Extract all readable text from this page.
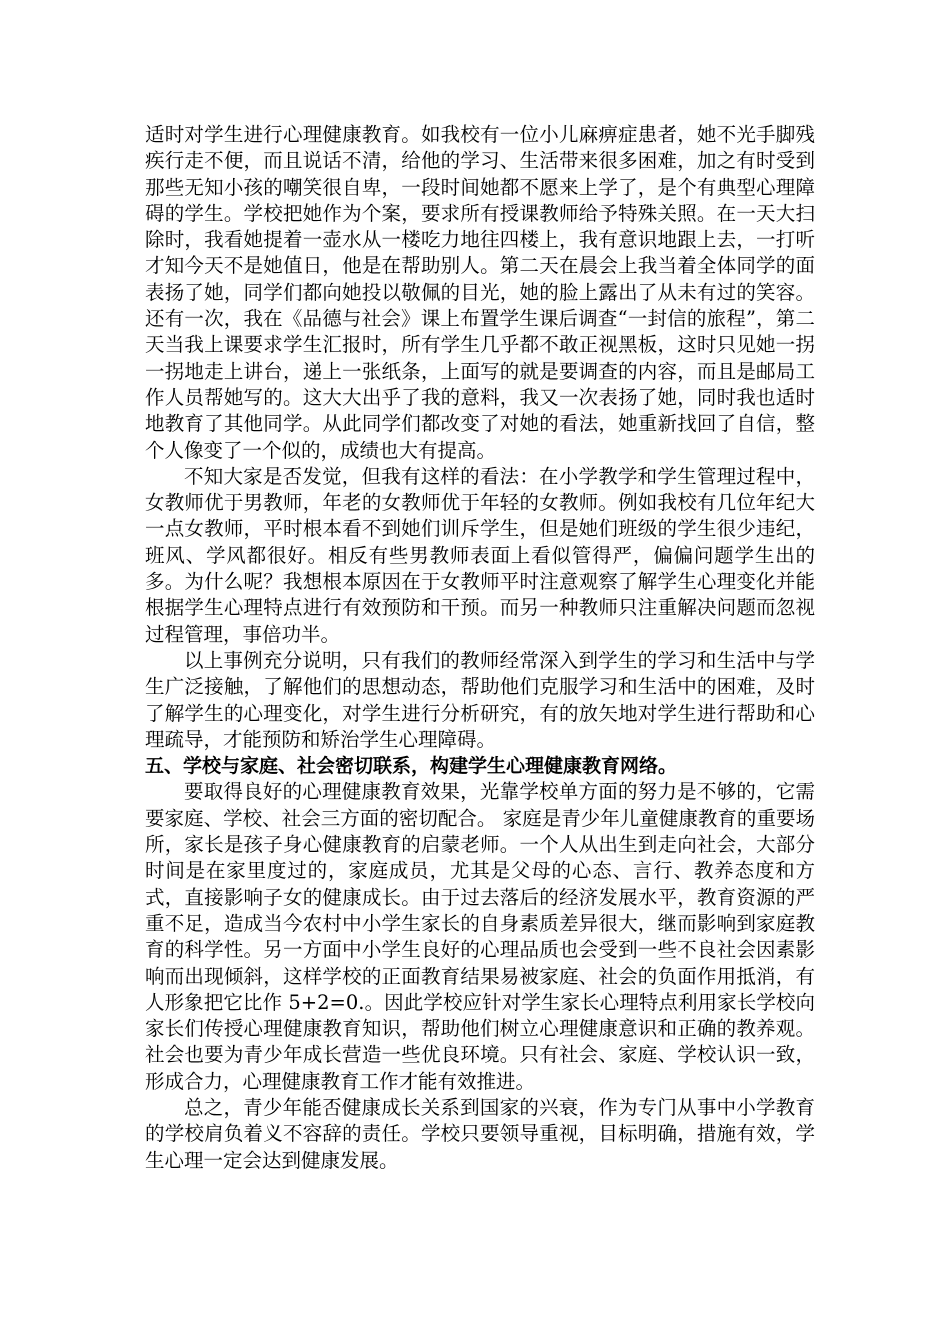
适时对学生进行心理健康教育。如我校有一位小儿麻痹症患者，她不光手脚残疾行走不便，而且说话不清，给他的学习、生活带来很多困难，加之有时受到那些无知小孩的嘲笑很自卑，一段时间她都不愿来上学了，是个有典型心理障碍的学生。学校把她作为个案，要求所有授课教师给予特殊关照。在一天大扫除时，我看她提着一壶水从一楼吃力地往四楼上，我有意识地跟上去，一打听才知今天不是她值日，他是在帮助别人。第二天在晨会上我当着全体同学的面表扬了她，同学们都向她投以敬佩的目光，她的脸上露出了从未有过的笑容。还有一次，我在《品德与社会》课上布置学生课后调查“一封信的旅程”，第二天当我上课要求学生汇报时，所有学生几乎都不敢正视黑板，这时只见她一拐一拐地走上讲台，递上一张纸条，上面写的就是要调查的内容，而且是邮局工作人员帮她写的。这大大出乎了我的意料，我又一次表扬了她，同时我也适时地教育了其他同学。从此同学们都改变了对她的看法，她重新找回了自信，整个人像变了一个似的，成绩也大有提高。

不知大家是否发觉，但我有这样的看法：在小学教学和学生管理过程中，女教师优于男教师，年老的女教师优于年轻的女教师。例如我校有几位年纪大一点女教师，平时根本看不到她们训斥学生，但是她们班级的学生很少违纪，班风、学风都很好。相反有些男教师表面上看似管得严，偏偏问题学生出的多。为什么呢？我想根本原因在于女教师平时注意观察了解学生心理变化并能根据学生心理特点进行有效预防和干预。而另一种教师只注重解决问题而忽视过程管理，事倍功半。

以上事例充分说明，只有我们的教师经常深入到学生的学习和生活中与学生广泛接触，了解他们的思想动态，帮助他们克服学习和生活中的困难，及时了解学生的心理变化，对学生进行分析研究，有的放矢地对学生进行帮助和心理疏导，才能预防和矫治学生心理障碍。

五、学校与家庭、社会密切联系，构建学生心理健康教育网络。

要取得良好的心理健康教育效果，光靠学校单方面的努力是不够的，它需要家庭、学校、社会三方面的密切配合。 家庭是青少年儿童健康教育的重要场所，家长是孩子身心健康教育的启蒙老师。一个人从出生到走向社会，大部分时间是在家里度过的，家庭成员，尤其是父母的心态、言行、教养态度和方式，直接影响子女的健康成长。由于过去落后的经济发展水平，教育资源的严重不足，造成当今农村中小学生家长的自身素质差异很大，继而影响到家庭教育的科学性。另一方面中小学生良好的心理品质也会受到一些不良社会因素影响而出现倾斜，这样学校的正面教育结果易被家庭、社会的负面作用抵消，有人形象把它比作 5+2=0.。因此学校应针对学生家长心理特点利用家长学校向家长们传授心理健康教育知识，帮助他们树立心理健康意识和正确的教养观。社会也要为青少年成长营造一些优良环境。只有社会、家庭、学校认识一致，形成合力，心理健康教育工作才能有效推进。

总之，青少年能否健康成长关系到国家的兴衰，作为专门从事中小学教育的学校肩负着义不容辞的责任。学校只要领导重视，目标明确，措施有效，学生心理一定会达到健康发展。
